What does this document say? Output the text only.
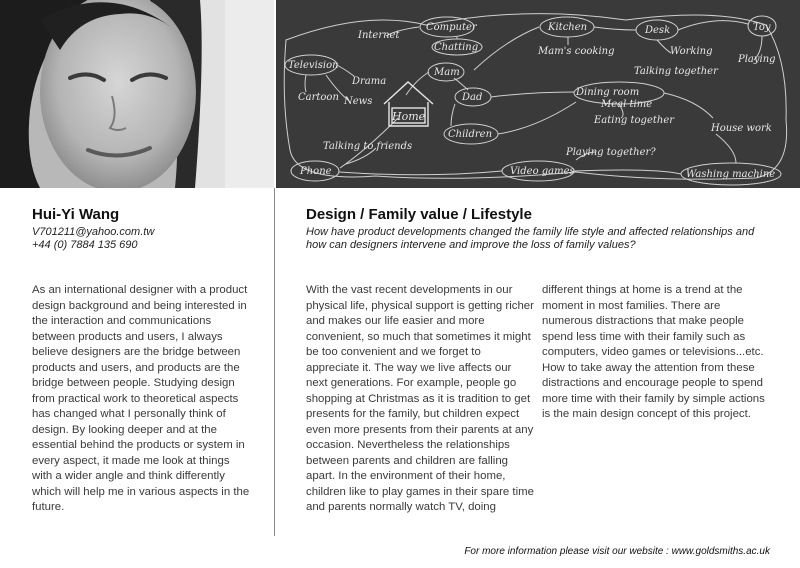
Computer
Internet
Chatting
Kitchen	Desk	Toy
Mam's cooking	Working
Playing
Television
Drama
Cartoon News
Mam
Dad
Children
Home
Talking together
Dining room
Meal time
Eating together
House work
Talking to friends
Playing together?
Phone	Video games	Washing machine
Hui-Yi Wang
V701211@yahoo.com.tw
+44 (0) 7884 135 690

As an international designer with a product design background and being interested in the interaction and communications between products and users, I always believe designers are the bridge between products and users, and products are the bridge between people. Studying design from practical work to theoretical aspects has changed what I personally think of design. By looking deeper and at the essential behind the products or system in every aspect, it made me look at things with a wider angle and think differently which will help me in various aspects in the future.

Design / Family value / Lifestyle
How have product developments changed the family life style and affected relationships and how can designers intervene and improve the loss of family values?

With the vast recent developments in our physical life, physical support is getting richer and makes our life easier and more convenient, so much that sometimes it might be too convenient and we forget to appreciate it. The way we live affects our next generations. For example, people go shopping at Christmas as it is tradition to get presents for the family, but children expect even more presents from their parents at any occasion. Nevertheless the relationships between parents and children are falling apart. In the environment of their home, children like to play games in their spare time and parents normally watch TV, doing

different things at home is a trend at the moment in most families. There are numerous distractions that make people spend less time with their family such as computers, video games or televisions...etc. How to take away the attention from these distractions and encourage people to spend more time with their family by simple actions is the main design concept of this project.

For more information please visit our website : www.goldsmiths.ac.uk
